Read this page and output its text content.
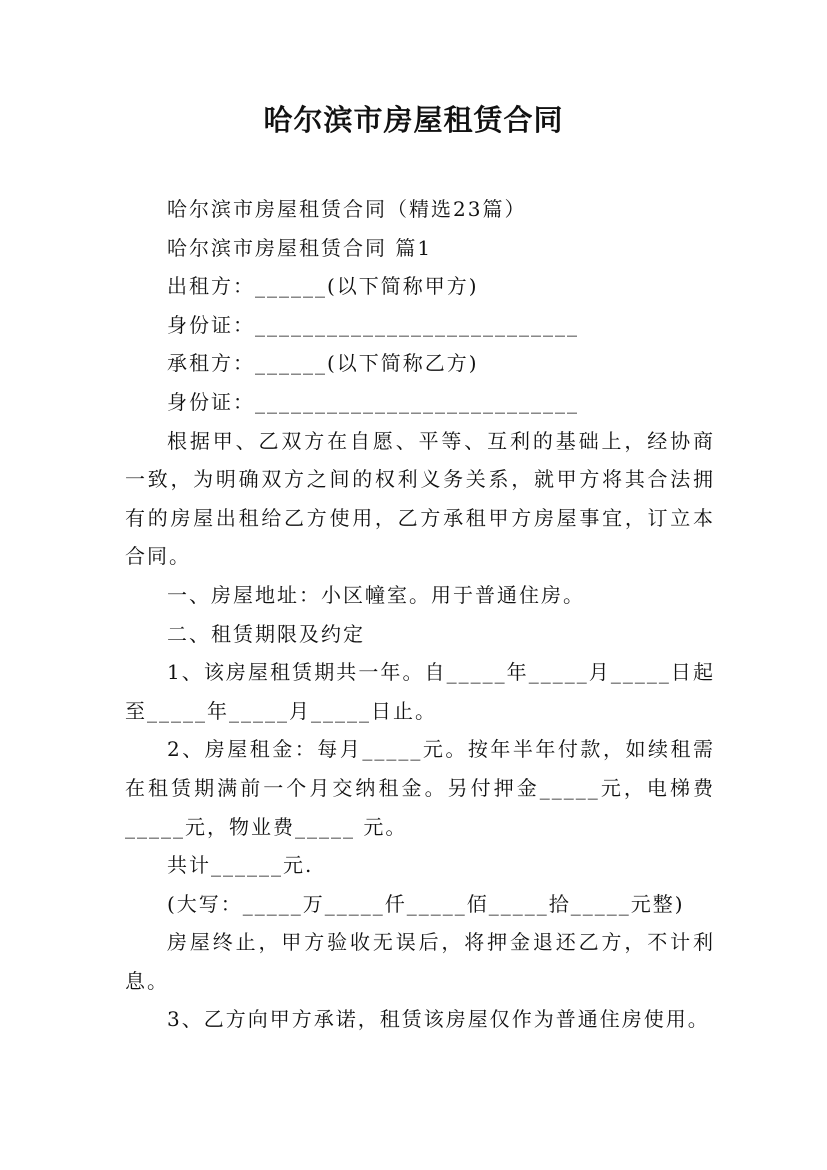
哈尔滨市房屋租赁合同

哈尔滨市房屋租赁合同（精选23篇）

哈尔滨市房屋租赁合同 篇1

出租方：______(以下简称甲方)

身份证：___________________________

承租方：______(以下简称乙方)

身份证：___________________________

根据甲、乙双方在自愿、平等、互利的基础上，经协商一致，为明确双方之间的权利义务关系，就甲方将其合法拥有的房屋出租给乙方使用，乙方承租甲方房屋事宜，订立本合同。

一、房屋地址：小区幢室。用于普通住房。

二、租赁期限及约定

1、该房屋租赁期共一年。自_____年_____月_____日起至_____年_____月_____日止。

2、房屋租金：每月_____元。按年半年付款，如续租需在租赁期满前一个月交纳租金。另付押金_____元，电梯费_____元，物业费_____ 元。

共计______元.

(大写：_____万_____仟_____佰_____拾_____元整)

房屋终止，甲方验收无误后，将押金退还乙方，不计利息。

3、乙方向甲方承诺，租赁该房屋仅作为普通住房使用。
